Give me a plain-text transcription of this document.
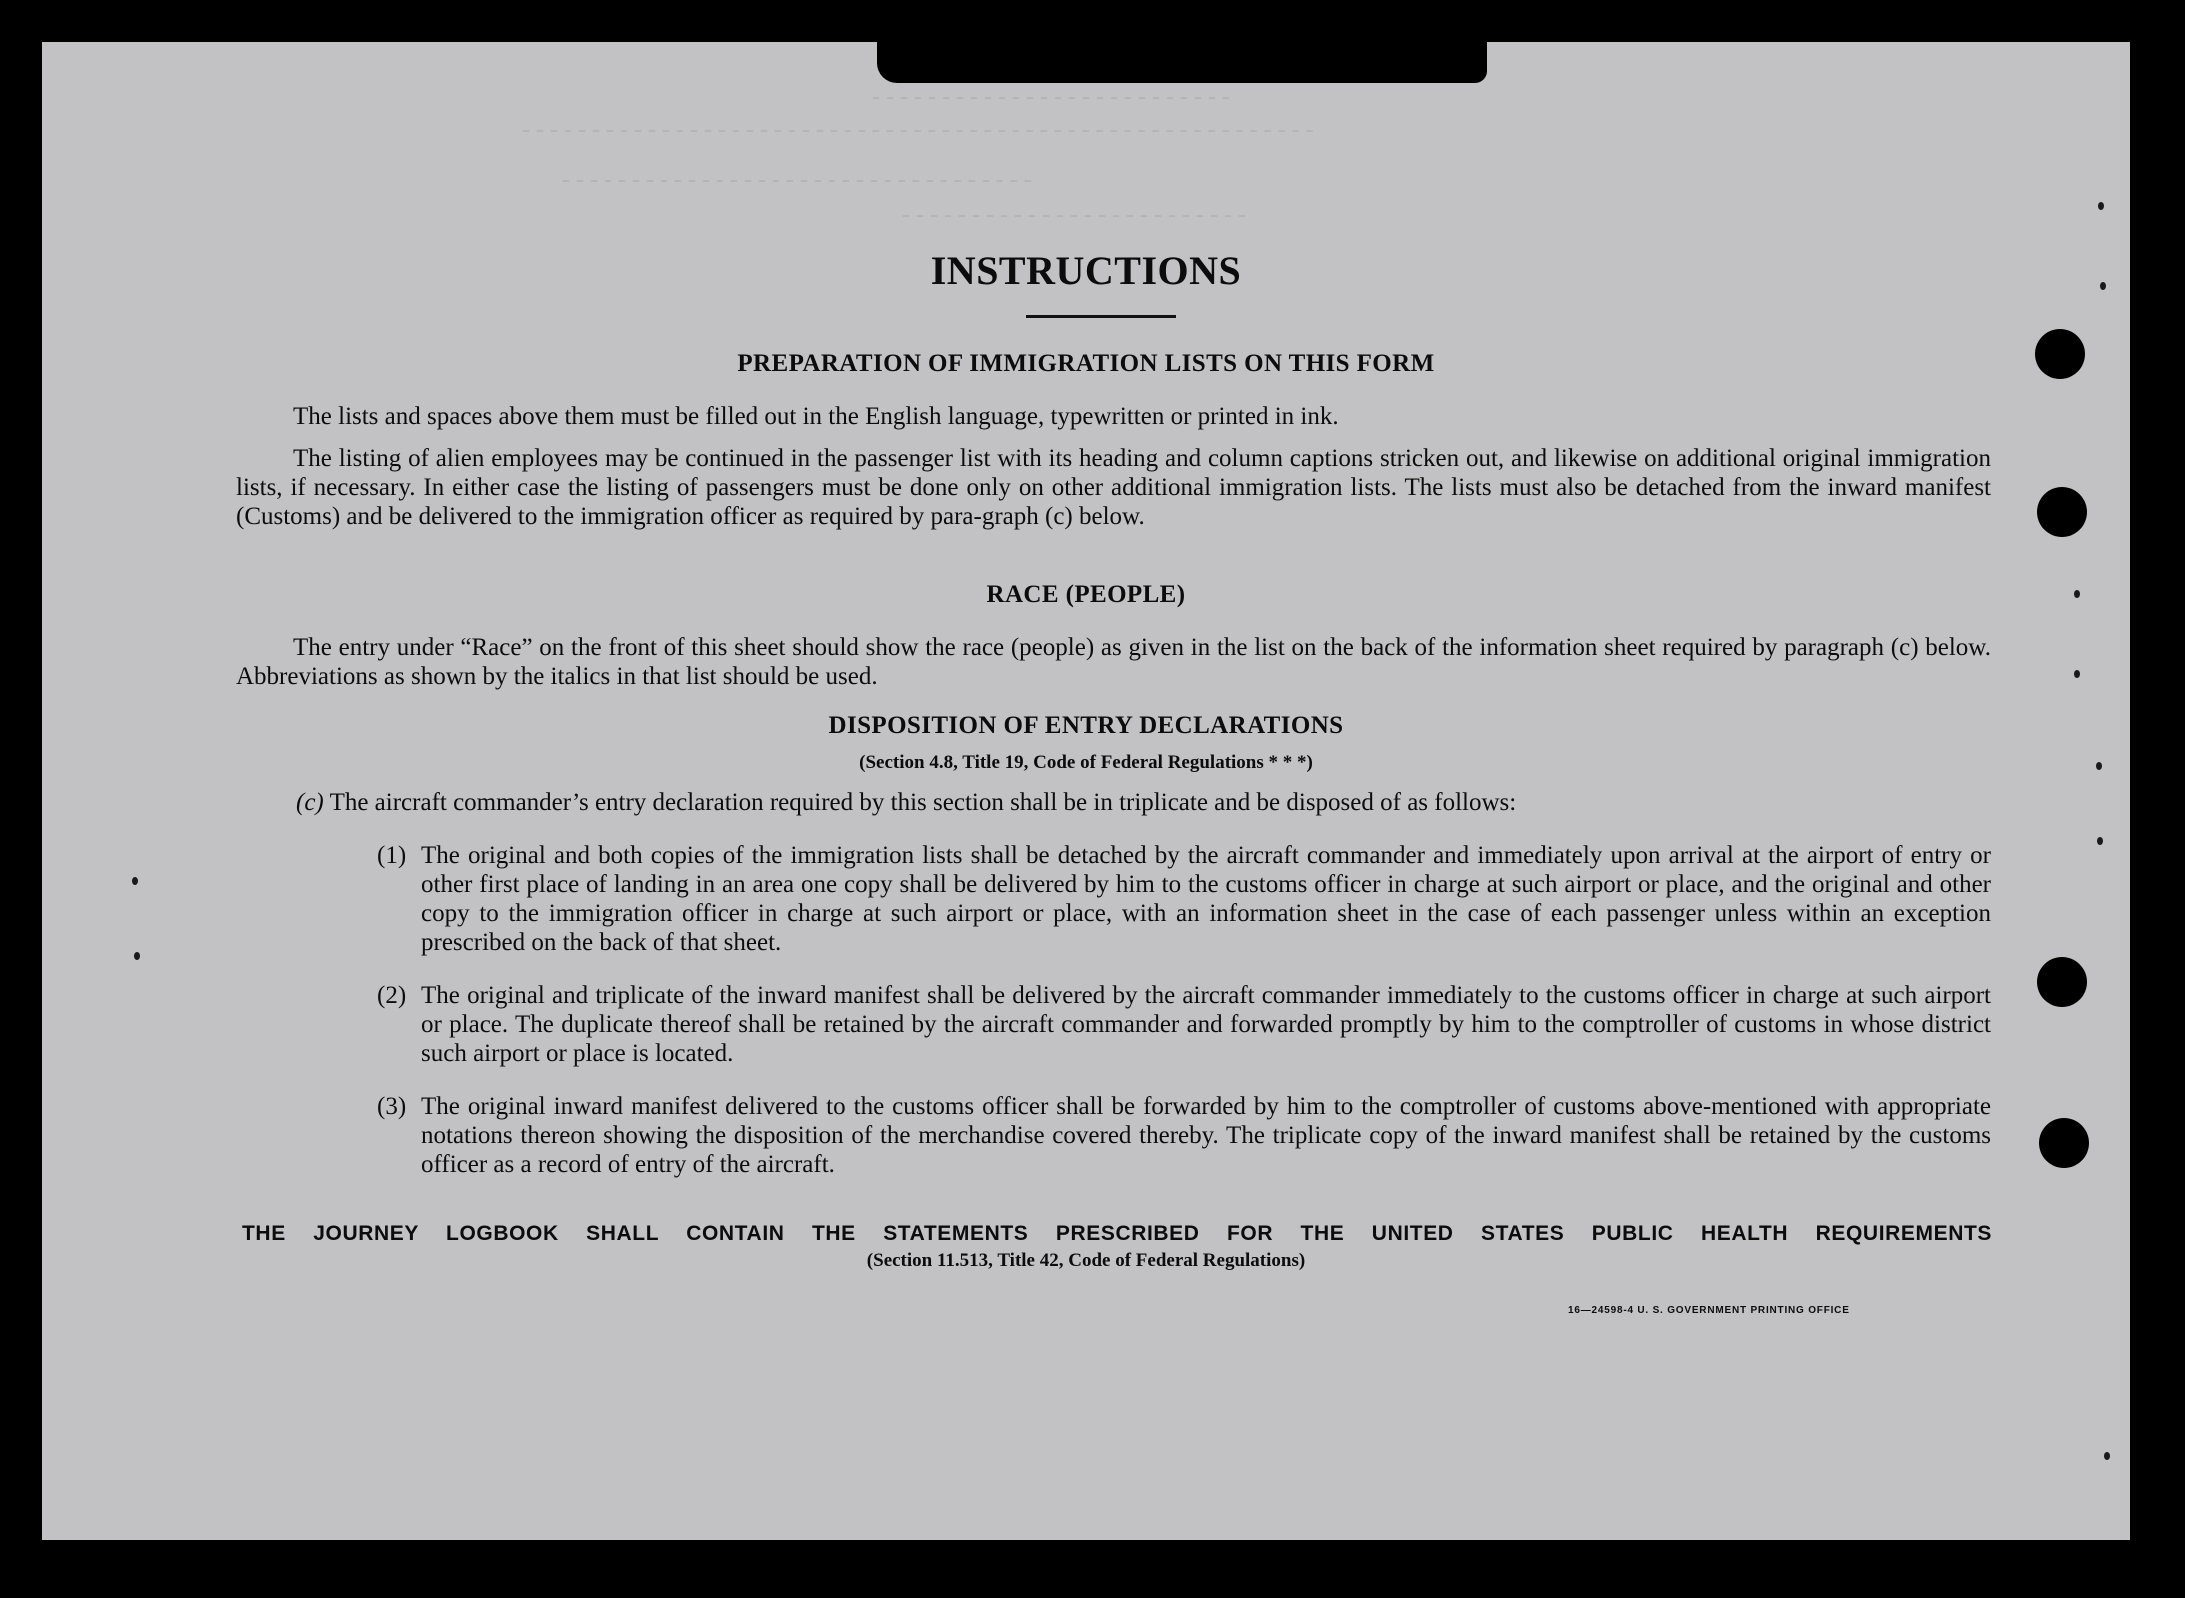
- - - - - - - - - - - - - - - - - - - - - - - - - -
- - - - - - - - - - - - - - - - - - - - - - - - - - - - - - - - - - - - - - - - - - - - - - - - - - - - - - - - -
- - - - - - - - - - - - - - - - - - - - - - - - - - - - - - - - - -
- - - - - - - - - - - - - - - - - - - - - - - - -
INSTRUCTIONS
PREPARATION OF IMMIGRATION LISTS ON THIS FORM
The lists and spaces above them must be filled out in the English language, typewritten or printed in ink.
The listing of alien employees may be continued in the passenger list with its heading and column captions stricken out, and likewise on additional original immigration lists, if necessary. In either case the listing of passengers must be done only on other additional immigration lists. The lists must also be detached from the inward manifest (Customs) and be delivered to the immigration officer as required by para-graph (c) below.
RACE (PEOPLE)
The entry under “Race” on the front of this sheet should show the race (people) as given in the list on the back of the information sheet required by paragraph (c) below. Abbreviations as shown by the italics in that list should be used.
DISPOSITION OF ENTRY DECLARATIONS
(Section 4.8, Title 19, Code of Federal Regulations * * *)
(c) The aircraft commander’s entry declaration required by this section shall be in triplicate and be disposed of as follows:
(1) The original and both copies of the immigration lists shall be detached by the aircraft commander and immediately upon arrival at the airport of entry or other first place of landing in an area one copy shall be delivered by him to the customs officer in charge at such airport or place, and the original and other copy to the immigration officer in charge at such airport or place, with an information sheet in the case of each passenger unless within an exception prescribed on the back of that sheet.
(2) The original and triplicate of the inward manifest shall be delivered by the aircraft commander immediately to the customs officer in charge at such airport or place. The duplicate thereof shall be retained by the aircraft commander and forwarded promptly by him to the comptroller of customs in whose district such airport or place is located.
(3) The original inward manifest delivered to the customs officer shall be forwarded by him to the comptroller of customs above-mentioned with appropriate notations thereon showing the disposition of the merchandise covered thereby. The triplicate copy of the inward manifest shall be retained by the customs officer as a record of entry of the aircraft.
THE JOURNEY LOGBOOK SHALL CONTAIN THE STATEMENTS PRESCRIBED FOR THE UNITED STATES PUBLIC HEALTH REQUIREMENTS
(Section 11.513, Title 42, Code of Federal Regulations)
16—24598-4 U. S. GOVERNMENT PRINTING OFFICE
